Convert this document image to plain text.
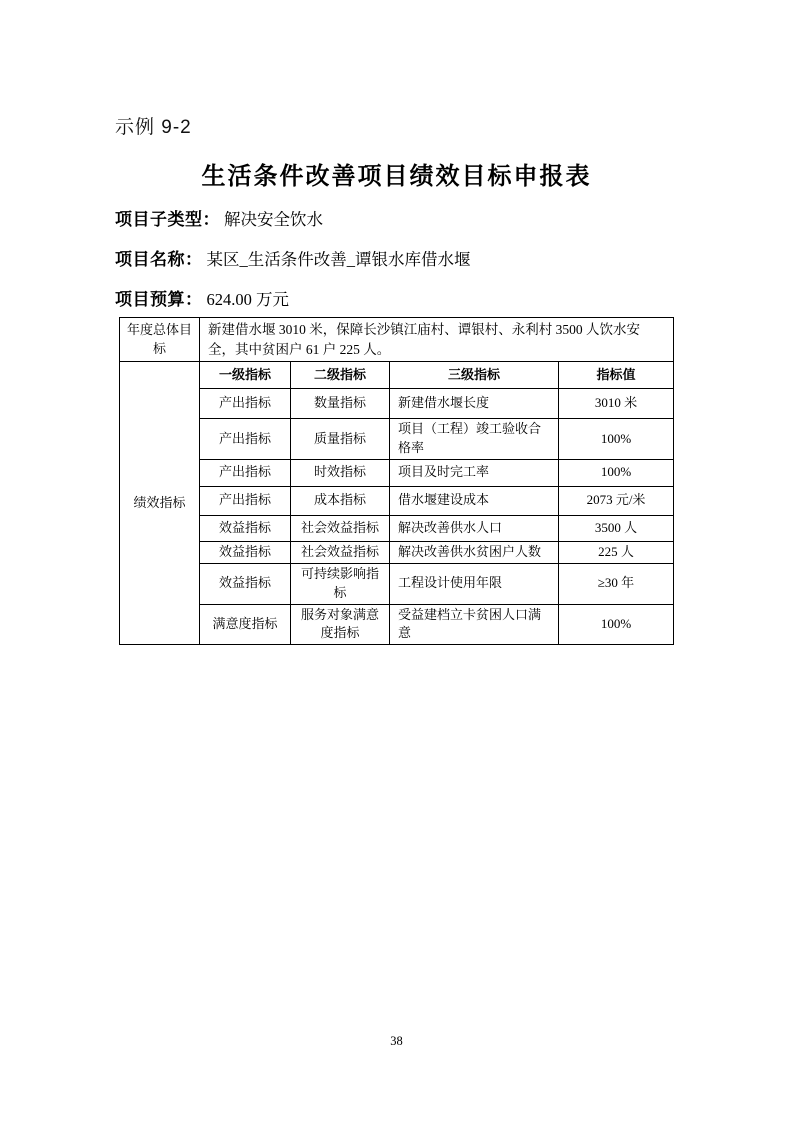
示例 9-2
生活条件改善项目绩效目标申报表
项目子类型： 解决安全饮水
项目名称： 某区_生活条件改善_谭银水库借水堰
项目预算： 624.00 万元
年度总体目标	新建借水堰 3010 米，保障长沙镇江庙村、谭银村、永利村 3500 人饮水安全，其中贫困户 61 户 225 人。			
绩效指标	一级指标	二级指标	三级指标	指标值
	产出指标	数量指标	新建借水堰长度	3010 米
	产出指标	质量指标	项目（工程）竣工验收合格率	100%
	产出指标	时效指标	项目及时完工率	100%
	产出指标	成本指标	借水堰建设成本	2073 元/米
	效益指标	社会效益指标	解决改善供水人口	3500 人
	效益指标	社会效益指标	解决改善供水贫困户人数	225 人
	效益指标	可持续影响指标	工程设计使用年限	≥30 年
	满意度指标	服务对象满意度指标	受益建档立卡贫困人口满意	100%
38
